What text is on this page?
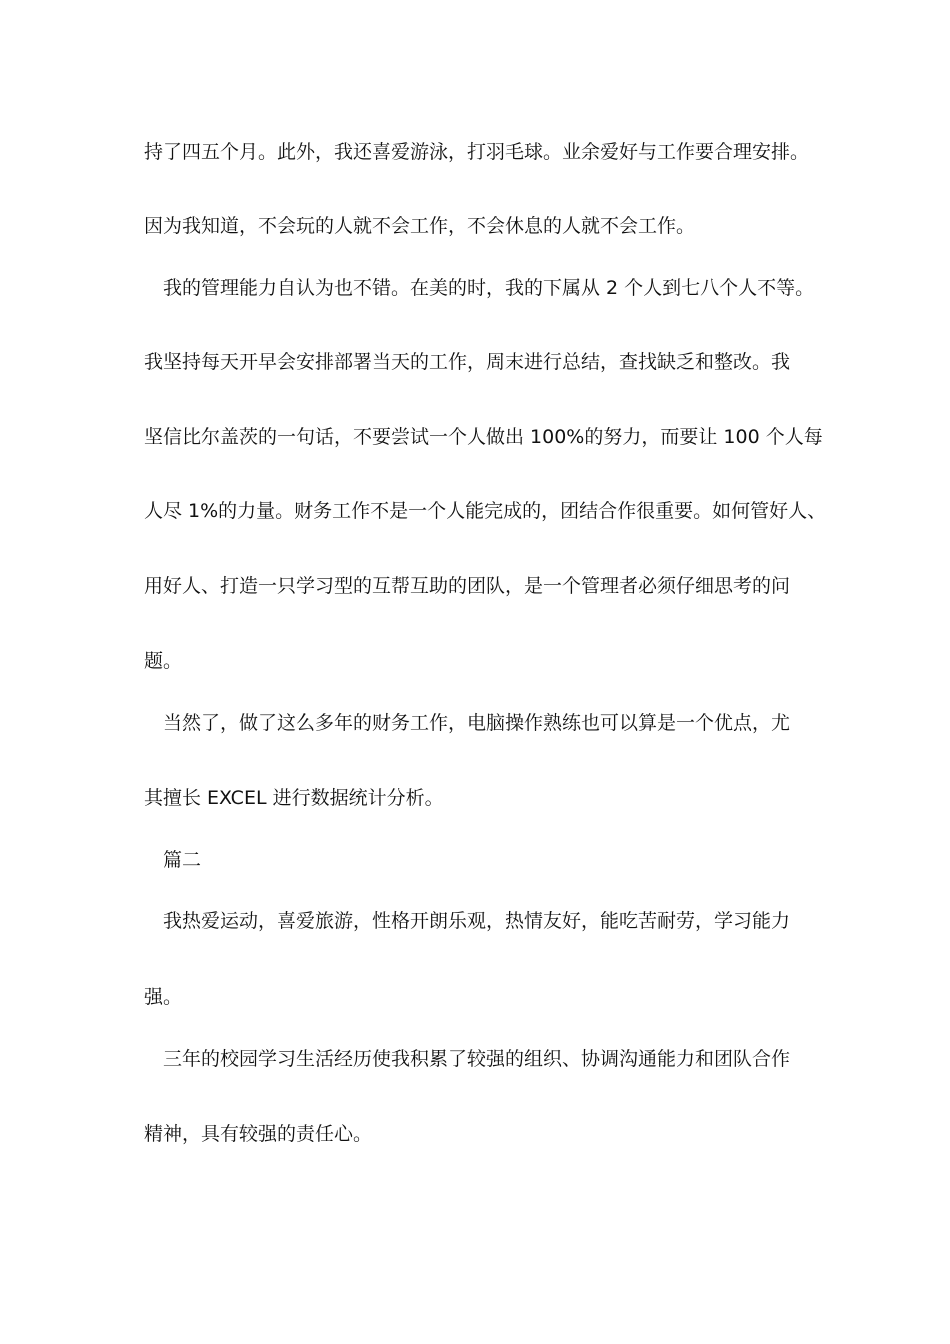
持了四五个月。此外，我还喜爱游泳，打羽毛球。业余爱好与工作要合理安排。
因为我知道，不会玩的人就不会工作，不会休息的人就不会工作。
我的管理能力自认为也不错。在美的时，我的下属从 2 个人到七八个人不等。
我坚持每天开早会安排部署当天的工作，周末进行总结，查找缺乏和整改。我
坚信比尔盖茨的一句话，不要尝试一个人做出 100%的努力，而要让 100 个人每
人尽 1%的力量。财务工作不是一个人能完成的，团结合作很重要。如何管好人、
用好人、打造一只学习型的互帮互助的团队，是一个管理者必须仔细思考的问
题。
当然了，做了这么多年的财务工作，电脑操作熟练也可以算是一个优点，尤
其擅长 EXCEL 进行数据统计分析。
篇二
我热爱运动，喜爱旅游，性格开朗乐观，热情友好，能吃苦耐劳，学习能力
强。
三年的校园学习生活经历使我积累了较强的组织、协调沟通能力和团队合作
精神，具有较强的责任心。
